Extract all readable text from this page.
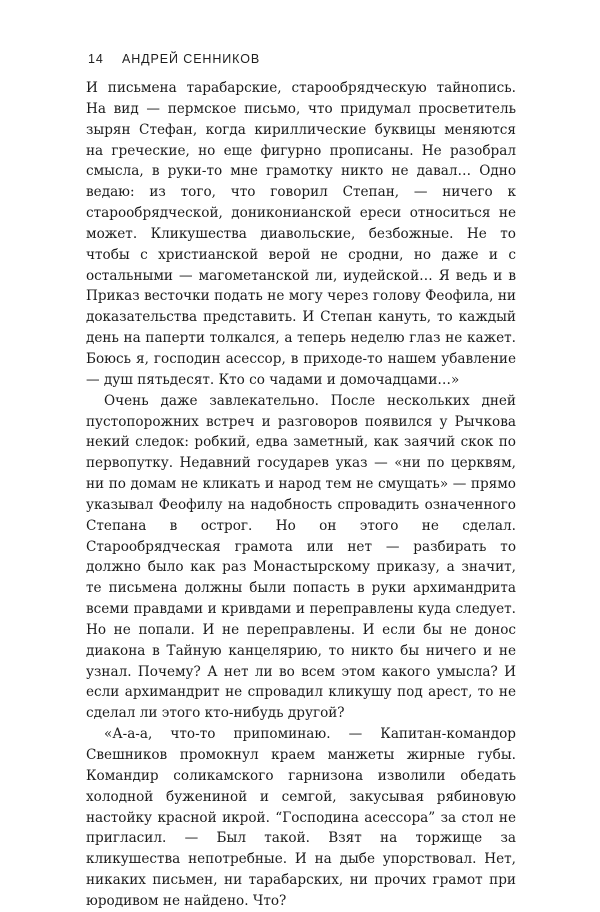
14 АНДРЕЙ СЕННИКОВ

И письмена тарабарские, старообрядческую тайнопись. На вид — пермское письмо, что придумал просветитель зырян Стефан, когда кириллические буквицы меняются на греческие, но еще фигурно прописаны. Не разобрал смысла, в руки-то мне грамотку никто не давал… Одно ведаю: из того, что говорил Степан, — ничего к старообрядческой, дониконианской ереси относиться не может. Кликушества диавольские, безбожные. Не то чтобы с христианской верой не сродни, но даже и с остальными — магометанской ли, иудейской… Я ведь и в Приказ весточки подать не могу через голову Феофила, ни доказательства представить. И Степан кануть, то каждый день на паперти толкался, а теперь неделю глаз не кажет. Боюсь я, господин асессор, в приходе-то нашем убавление — душ пятьдесят. Кто со чадами и домочадцами…»

Очень даже завлекательно. После нескольких дней пустопорожних встреч и разговоров появился у Рычкова некий следок: робкий, едва заметный, как заячий скок по первопутку. Недавний государев указ — «ни по церквям, ни по домам не кликать и народ тем не смущать» — прямо указывал Феофилу на надобность спровадить означенного Степана в острог. Но он этого не сделал. Старообрядческая грамота или нет — разбирать то должно было как раз Монастырскому приказу, а значит, те письмена должны были попасть в руки архимандрита всеми правдами и кривдами и переправлены куда следует. Но не попали. И не переправлены. И если бы не донос диакона в Тайную канцелярию, то никто бы ничего и не узнал. Почему? А нет ли во всем этом какого умысла? И если архимандрит не спровадил кликушу под арест, то не сделал ли этого кто-нибудь другой?

«А-а-а, что-то припоминаю. — Капитан-командор Свешников промокнул краем манжеты жирные губы. Командир соликамского гарнизона изволили обедать холодной бужениной и семгой, закусывая рябиновую настойку красной икрой. “Господина асессора” за стол не пригласил. — Был такой. Взят на торжище за кликушества непотребные. И на дыбе упорствовал. Нет, никаких письмен, ни тарабарских, ни прочих грамот при юродивом не найдено. Что?
